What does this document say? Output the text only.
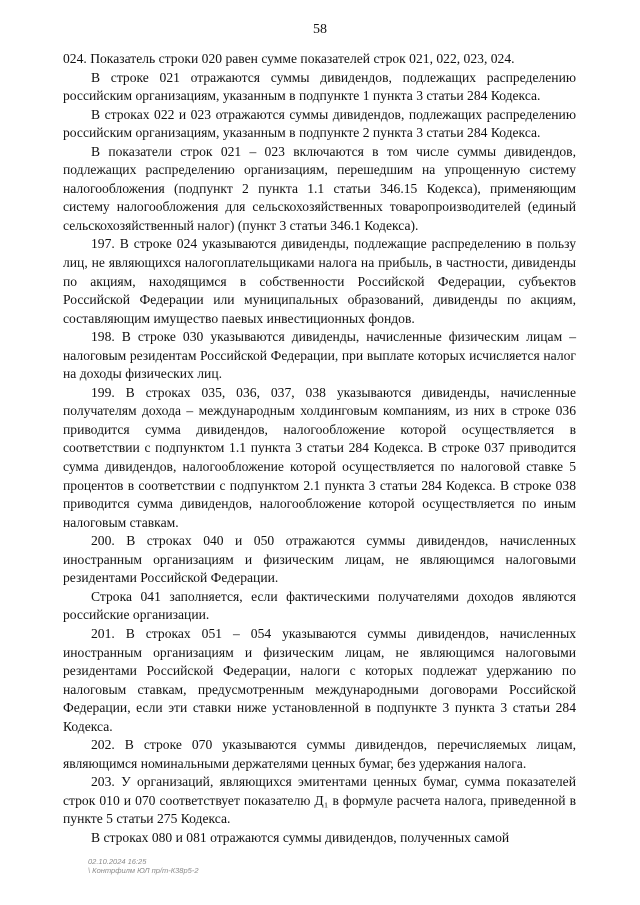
58

024. Показатель строки 020 равен сумме показателей строк 021, 022, 023, 024.

В строке 021 отражаются суммы дивидендов, подлежащих распределению российским организациям, указанным в подпункте 1 пункта 3 статьи 284 Кодекса.

В строках 022 и 023 отражаются суммы дивидендов, подлежащих распределению российским организациям, указанным в подпункте 2 пункта 3 статьи 284 Кодекса.

В показатели строк 021 – 023 включаются в том числе суммы дивидендов, подлежащих распределению организациям, перешедшим на упрощенную систему налогообложения (подпункт 2 пункта 1.1 статьи 346.15 Кодекса), применяющим систему налогообложения для сельскохозяйственных товаропроизводителей (единый сельскохозяйственный налог) (пункт 3 статьи 346.1 Кодекса).

197. В строке 024 указываются дивиденды, подлежащие распределению в пользу лиц, не являющихся налогоплательщиками налога на прибыль, в частности, дивиденды по акциям, находящимся в собственности Российской Федерации, субъектов Российской Федерации или муниципальных образований, дивиденды по акциям, составляющим имущество паевых инвестиционных фондов.

198. В строке 030 указываются дивиденды, начисленные физическим лицам – налоговым резидентам Российской Федерации, при выплате которых исчисляется налог на доходы физических лиц.

199. В строках 035, 036, 037, 038 указываются дивиденды, начисленные получателям дохода – международным холдинговым компаниям, из них в строке 036 приводится сумма дивидендов, налогообложение которой осуществляется в соответствии с подпунктом 1.1 пункта 3 статьи 284 Кодекса. В строке 037 приводится сумма дивидендов, налогообложение которой осуществляется по налоговой ставке 5 процентов в соответствии с подпунктом 2.1 пункта 3 статьи 284 Кодекса. В строке 038 приводится сумма дивидендов, налогообложение которой осуществляется по иным налоговым ставкам.

200. В строках 040 и 050 отражаются суммы дивидендов, начисленных иностранным организациям и физическим лицам, не являющимся налоговыми резидентами Российской Федерации.

Строка 041 заполняется, если фактическими получателями доходов являются российские организации.

201. В строках 051 – 054 указываются суммы дивидендов, начисленных иностранным организациям и физическим лицам, не являющимся налоговыми резидентами Российской Федерации, налоги с которых подлежат удержанию по налоговым ставкам, предусмотренным международными договорами Российской Федерации, если эти ставки ниже установленной в подпункте 3 пункта 3 статьи 284 Кодекса.

202. В строке 070 указываются суммы дивидендов, перечисляемых лицам, являющимся номинальными держателями ценных бумаг, без удержания налога.

203. У организаций, являющихся эмитентами ценных бумаг, сумма показателей строк 010 и 070 соответствует показателю Д₁ в формуле расчета налога, приведенной в пункте 5 статьи 275 Кодекса.

В строках 080 и 081 отражаются суммы дивидендов, полученных самой

02.10.2024 16:25
\ Контрфилм ЮЛ пр/т-К38р5-2
